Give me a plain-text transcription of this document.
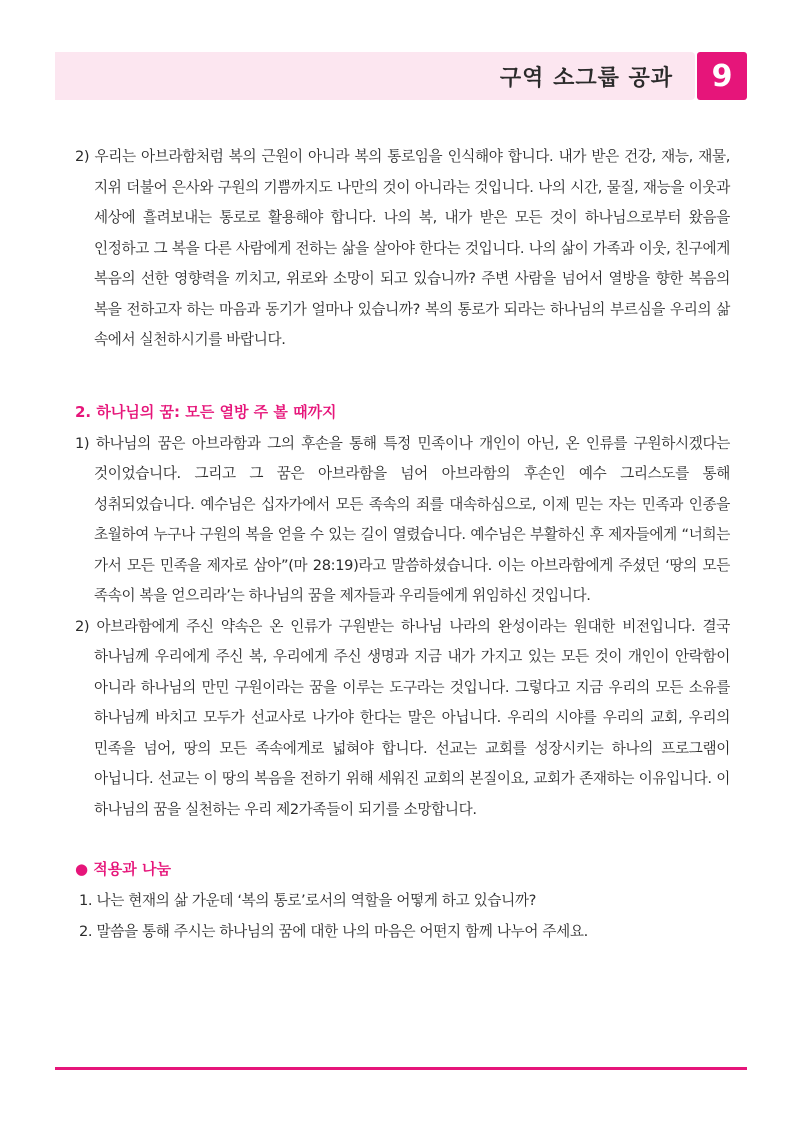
구역 소그룹 공과	9

2) 우리는 아브라함처럼 복의 근원이 아니라 복의 통로임을 인식해야 합니다. 내가 받은 건강, 재능, 재물, 지위 더불어 은사와 구원의 기쁨까지도 나만의 것이 아니라는 것입니다. 나의 시간, 물질, 재능을 이웃과 세상에 흘려보내는 통로로 활용해야 합니다. 나의 복, 내가 받은 모든 것이 하나님으로부터 왔음을 인정하고 그 복을 다른 사람에게 전하는 삶을 살아야 한다는 것입니다. 나의 삶이 가족과 이웃, 친구에게 복음의 선한 영향력을 끼치고, 위로와 소망이 되고 있습니까? 주변 사람을 넘어서 열방을 향한 복음의 복을 전하고자 하는 마음과 동기가 얼마나 있습니까? 복의 통로가 되라는 하나님의 부르심을 우리의 삶 속에서 실천하시기를 바랍니다.

2. 하나님의 꿈: 모든 열방 주 볼 때까지

1) 하나님의 꿈은 아브라함과 그의 후손을 통해 특정 민족이나 개인이 아닌, 온 인류를 구원하시겠다는 것이었습니다. 그리고 그 꿈은 아브라함을 넘어 아브라함의 후손인 예수 그리스도를 통해 성취되었습니다. 예수님은 십자가에서 모든 족속의 죄를 대속하심으로, 이제 믿는 자는 민족과 인종을 초월하여 누구나 구원의 복을 얻을 수 있는 길이 열렸습니다. 예수님은 부활하신 후 제자들에게 “너희는 가서 모든 민족을 제자로 삼아”(마 28:19)라고 말씀하셨습니다. 이는 아브라함에게 주셨던 ‘땅의 모든 족속이 복을 얻으리라’는 하나님의 꿈을 제자들과 우리들에게 위임하신 것입니다.

2) 아브라함에게 주신 약속은 온 인류가 구원받는 하나님 나라의 완성이라는 원대한 비전입니다. 결국 하나님께 우리에게 주신 복, 우리에게 주신 생명과 지금 내가 가지고 있는 모든 것이 개인이 안락함이 아니라 하나님의 만민 구원이라는 꿈을 이루는 도구라는 것입니다. 그렇다고 지금 우리의 모든 소유를 하나님께 바치고 모두가 선교사로 나가야 한다는 말은 아닙니다. 우리의 시야를 우리의 교회, 우리의 민족을 넘어, 땅의 모든 족속에게로 넓혀야 합니다. 선교는 교회를 성장시키는 하나의 프로그램이 아닙니다. 선교는 이 땅의 복음을 전하기 위해 세워진 교회의 본질이요, 교회가 존재하는 이유입니다. 이 하나님의 꿈을 실천하는 우리 제2가족들이 되기를 소망합니다.

● 적용과 나눔

1. 나는 현재의 삶 가운데 ‘복의 통로’로서의 역할을 어떻게 하고 있습니까?

2. 말씀을 통해 주시는 하나님의 꿈에 대한 나의 마음은 어떤지 함께 나누어 주세요.
